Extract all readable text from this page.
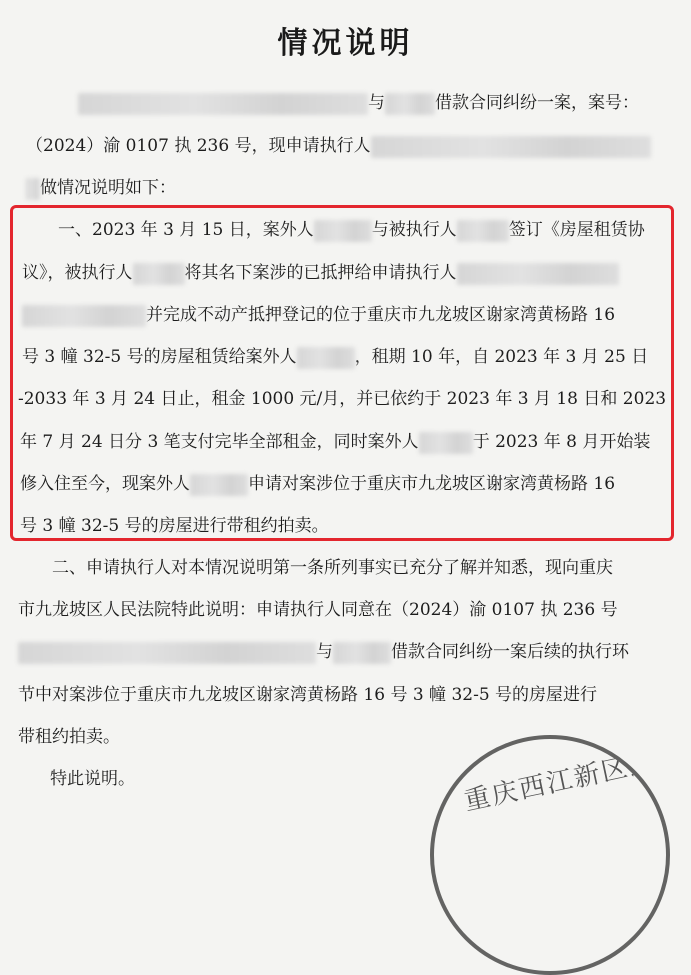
情况说明
与	借款合同纠纷一案，案号：
（2024）渝 0107 执 236 号，现申请执行人
做情况说明如下：
一、2023 年 3 月 15 日，案外人	与被执行人	签订《房屋租赁协
议》，被执行人	将其名下案涉的已抵押给申请执行人
并完成不动产抵押登记的位于重庆市九龙坡区谢家湾黄杨路 16
号 3 幢 32-5 号的房屋租赁给案外人	，租期 10 年，自 2023 年 3 月 25 日
-2033 年 3 月 24 日止，租金 1000 元/月，并已依约于 2023 年 3 月 18 日和 2023
年 7 月 24 日分 3 笔支付完毕全部租金，同时案外人	于 2023 年 8 月开始装
修入住至今，现案外人	申请对案涉位于重庆市九龙坡区谢家湾黄杨路 16
号 3 幢 32-5 号的房屋进行带租约拍卖。
二、申请执行人对本情况说明第一条所列事实已充分了解并知悉，现向重庆
市九龙坡区人民法院特此说明：申请执行人同意在（2024）渝 0107 执 236 号
与	借款合同纠纷一案后续的执行环
节中对案涉位于重庆市九龙坡区谢家湾黄杨路 16 号 3 幢 32-5 号的房屋进行
带租约拍卖。
特此说明。	重庆西江新区通
